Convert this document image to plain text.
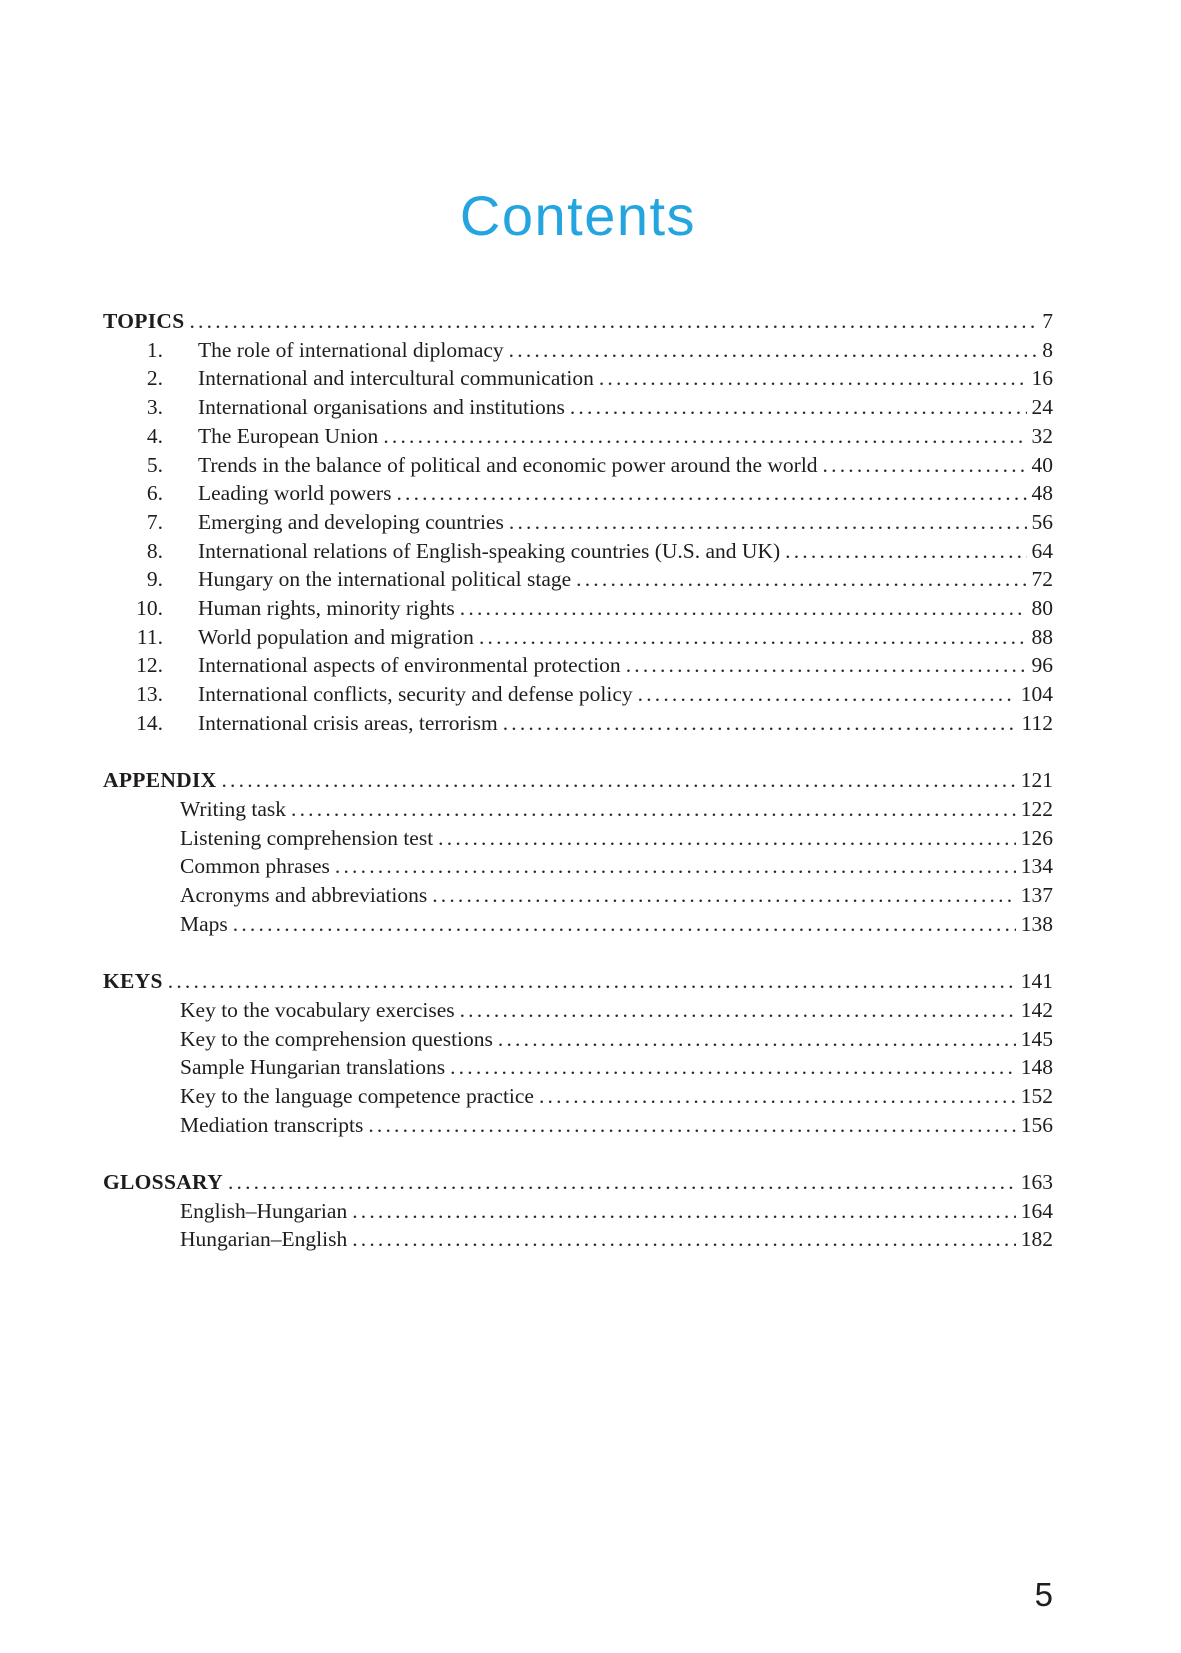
Contents
TOPICS .....	7
1. The role of international diplomacy .....	8
2. International and intercultural communication .....	16
3. International organisations and institutions .....	24
4. The European Union .....	32
5. Trends in the balance of political and economic power around the world .....	40
6. Leading world powers .....	48
7. Emerging and developing countries .....	56
8. International relations of English-speaking countries (U.S. and UK) .....	64
9. Hungary on the international political stage .....	72
10. Human rights, minority rights .....	80
11. World population and migration .....	88
12. International aspects of environmental protection .....	96
13. International conflicts, security and defense policy .....	104
14. International crisis areas, terrorism .....	112
APPENDIX .....	121
Writing task .....	122
Listening comprehension test .....	126
Common phrases .....	134
Acronyms and abbreviations .....	137
Maps .....	138
KEYS .....	141
Key to the vocabulary exercises .....	142
Key to the comprehension questions .....	145
Sample Hungarian translations .....	148
Key to the language competence practice .....	152
Mediation transcripts .....	156
GLOSSARY .....	163
English–Hungarian .....	164
Hungarian–English .....	182
5
